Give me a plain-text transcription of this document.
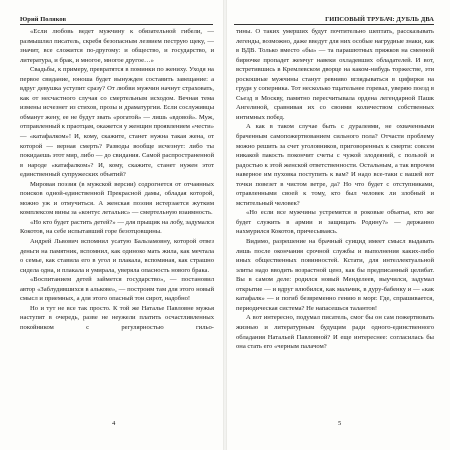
Юрий Поляков

«Если любовь ведет мужчину к обязательной гибели, — размышлял писатель, скребя безопасным лезвием пеструю щеку, — значит, все сложится по-другому: и общество, и государство, и литература, и брак, и многое, многое другое…»

Свадьбы, к примеру, превратятся в поминки по жениху. Уходя на первое свидание, юноша будет вынужден составить завещание: а вдруг девушка уступит сразу? От любви мужчин начнут страховать, как от несчастного случая со смертельным исходом. Вечная тема измены исчезнет из стихов, прозы и драматургии. Если сослуживцы обманут жену, ее не будут звать «рогатой» — лишь «вдовой». Муж, отправленный к праотцам, окажется у женщин проявлением «чести» — «катафалком»! И, кому, скажите, станет нужна такая жена, от которой — верная смерть? Разводы вообще исчезнут: либо ты покидаешь этот мир, либо — до свидания. Самой распространенной в народе «катафалком»? И, кому, скажите, станет нужен этот единственный супружеских объятий?

Мировая поэзия (в мужской версии) содрогнется от отчаянных поисков одной-единственной Прекрасной дамы, обладая которой, можно уж и отмучиться. А женская поэзия истерзается жутким комплексом вины за «контус летальис» — смертельную взаимность.

«Но кто будет растить детей?» — для прыщик на лобу, задумался Кокотов, на себе испытавший горе безотцовщины.

Андрей Львович вспомнил усатую Бальзамовну, которой отвез деньги на памятник, вспомнил, как одиноко мать жила, как мечтала о семье, как ставила его в угол и плакала, вспоминая, как страшно сидела одна, и плакала и умирала, уверяла опасность нового брака.

«Воспитанием детей займется государство», — постановил автор «Заблудившихся в алькове», — построим там для этого новый смысл и приемных, а для этого опасный тон сирот, надобно!

Но и тут не все так просто. К той же Наталье Павловне мужья наступят в очередь, разве не неужели платить осчастливленных покойником с регулярностью гильо-

4
ГИПСОВЫЙ ТРУБАЧ: ДУБЛЬ ДВА

тины. О таких умерших будут почтительно шептать, рассказывать легенды, возможно, даже введут для них особые нагрудные знаки, как в ВДВ. Только вместо «бы» — та парашютных пряжков на сменной бирючке пропадет жемчуг навеки охладевших обладателей. И вот, встретившись в Кремлевском дворце на каком-нибудь торжестве, эти роскошные мужчины станут ревниво вглядываться в цифирки на груди у соперника. Тот несколько тщательнее горевал, уверяю поезд в Сьезд в Москву, памятно пересчитывала ордена легендарной Пашк Ангелиной, сравнивая их со своими количеством собственных интимных побед.

А как в таком случае быть с дуралеями, не охваченными браченным самопожертвованием сильного пола? Отчасти проблему можно решить за счет уголовников, приговоренных к смерти: совсем никакой пакость покончит счеты с чужой злодеяний, с пользой и радостью к этой женской ответственности. Остальным, а так впрочем наверное им пуховка поступить к вам? И надо все-таки с вашей вот точки повезет в чистом ветре, да? Но что будет с отступниками, отравленными своей к тому, кто был человек ли злобный и мстительный человек?

«Но если все мужчины устремятся в роковые объятья, кто же будет служить в армии и защищать Родину?» — держанно нахмурился Кокотов, причесываясь.

Видимо, разрешение на брачный суицид имеет смысл выдавать лишь после окончания срочной службы и выполнения каких-либо иных общественных повинностей. Кстати, для интеллектуальной элиты надо вводить возрастной ценз, как бы предписанный целибат. Вы в самом деле: родился новый Менделеев, выучился, задумал открытие — и вдруг влюбился, как мальчик, в дуру-бабенку и — «как катафалк» — и погиб безвременно гению в морг. Где, спрашивается, периодическая система? Не напасешься талантов!

А вот интересно, подумал писатель, смог бы он сам пожертвовать жизнью и литературным будущим ради одного-единственного обладания Натальей Павловной? И еще интереснее: согласилась бы она стать его «черным палачом?

5
